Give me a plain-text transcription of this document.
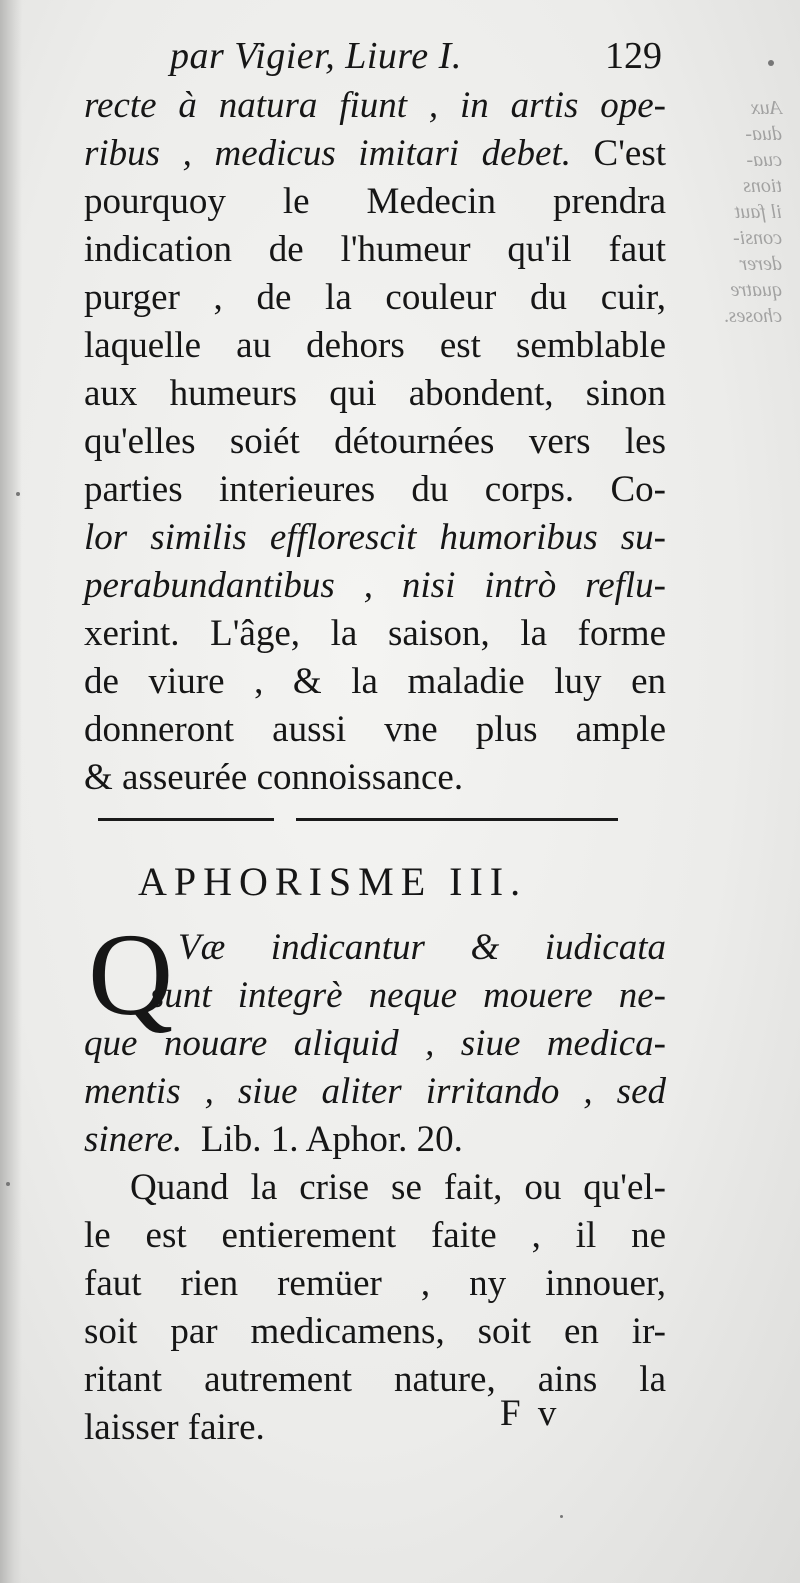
Aux
dua-
cua-
tions
il faut
consi-
derer
quatre
choses.
par Vigier, Liure I.	129
recte à natura fiunt , in artis ope-
ribus , medicus imitari debet. C'est
pourquoy le Medecin prendra
indication de l'humeur qu'il faut
purger , de la couleur du cuir,
laquelle au dehors est semblable
aux humeurs qui abondent, sinon
qu'elles soiét détournées vers les
parties interieures du corps. Co-
lor similis efflorescit humoribus su-
perabundantibus , nisi intrò reflu-
xerint. L'âge, la saison, la forme
de viure , & la maladie luy en
donneront aussi vne plus ample
& asseurée connoissance.
APHORISME III.
Q Væ indicantur & iudicata
sunt integrè neque mouere ne-
que nouare aliquid , siue medica-
mentis , siue aliter irritando , sed
sinere. Lib. 1. Aphor. 20.
Quand la crise se fait, ou qu'el-
le est entierement faite , il ne
faut rien remüer , ny innouer,
soit par medicamens, soit en ir-
ritant autrement nature, ains la
laisser faire.	F v
